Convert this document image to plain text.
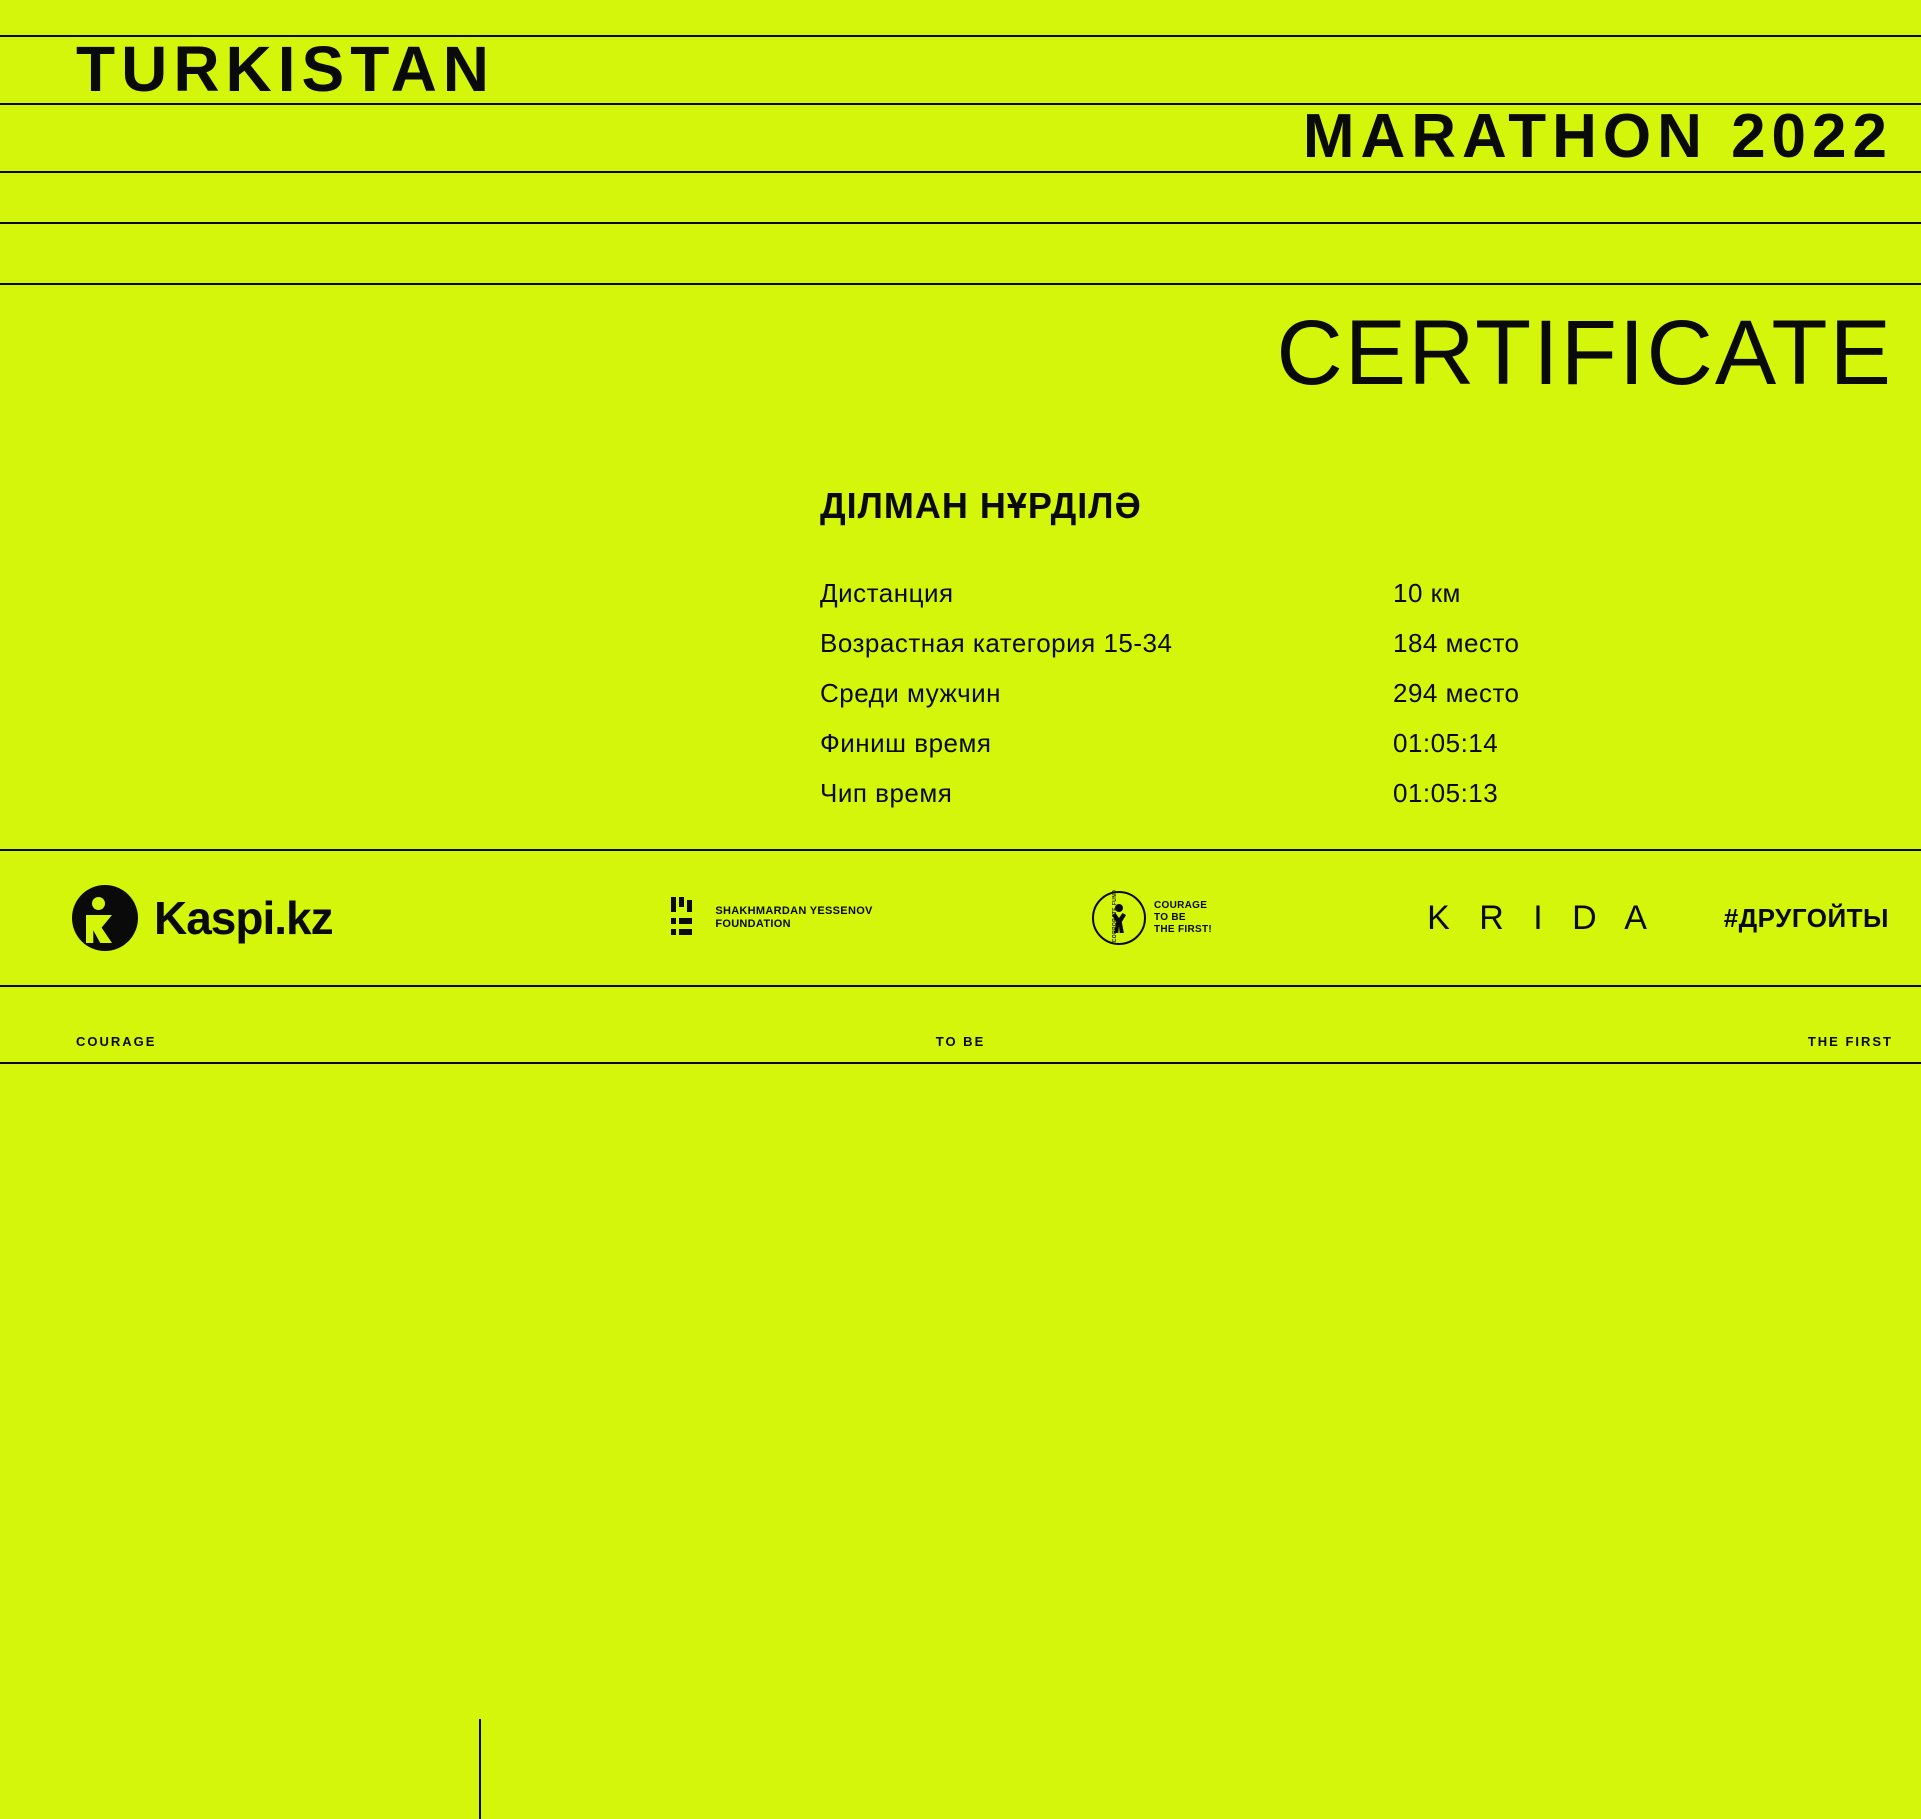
TURKISTAN
MARATHON 2022
CERTIFICATE
ДІЛМАН НҰРДІЛӘ
Дистанция	10 км
Возрастная категория 15-34	184 место
Среди мужчин	294 место
Финиш время	01:05:14
Чип время	01:05:13
Kaspi.kz	SHAKHMARDAN YESSENOV
FOUNDATION
COURAGE
TO BE
THE FIRST!	K R I D A	#ДРУГОЙТЫ
COURAGE	TO BE	THE FIRST
